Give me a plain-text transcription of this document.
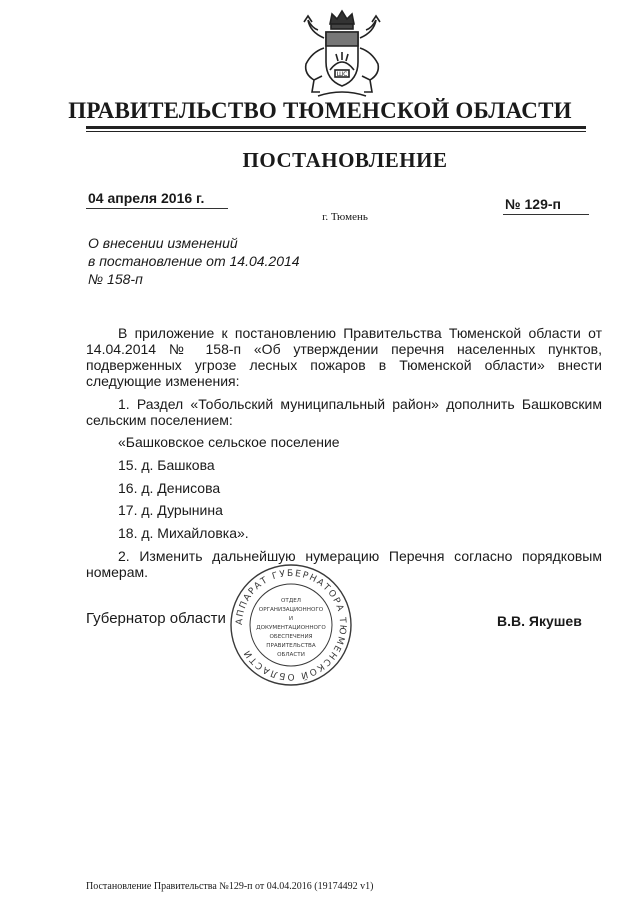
ШС
ПРАВИТЕЛЬСТВО ТЮМЕНСКОЙ ОБЛАСТИ
ПОСТАНОВЛЕНИЕ
04 апреля 2016 г.	№ 129-п
г. Тюмень
О внесении изменений
в постановление от 14.04.2014
№ 158-п
В приложение к постановлению Правительства Тюменской области от 14.04.2014 № 158-п «Об утверждении перечня населенных пунктов, подверженных угрозе лесных пожаров в Тюменской области» внести следующие изменения:
1. Раздел «Тобольский муниципальный район» дополнить Башковским сельским поселением:
«Башковское сельское поселение
15. д. Башкова
16. д. Денисова
17. д. Дурынина
18. д. Михайловка».
2. Изменить дальнейшую нумерацию Перечня согласно порядковым номерам.
АППАРАТ ГУБЕРНАТОРА ТЮМЕНСКОЙ ОБЛАСТИ
ОТДЕЛ
ОРГАНИЗАЦИОННОГО
И
ДОКУМЕНТАЦИОННОГО
ОБЕСПЕЧЕНИЯ
ПРАВИТЕЛЬСТВА
ОБЛАСТИ
Губернатор области	В.В. Якушев
Постановление Правительства №129-п от 04.04.2016 (19174492 v1)
